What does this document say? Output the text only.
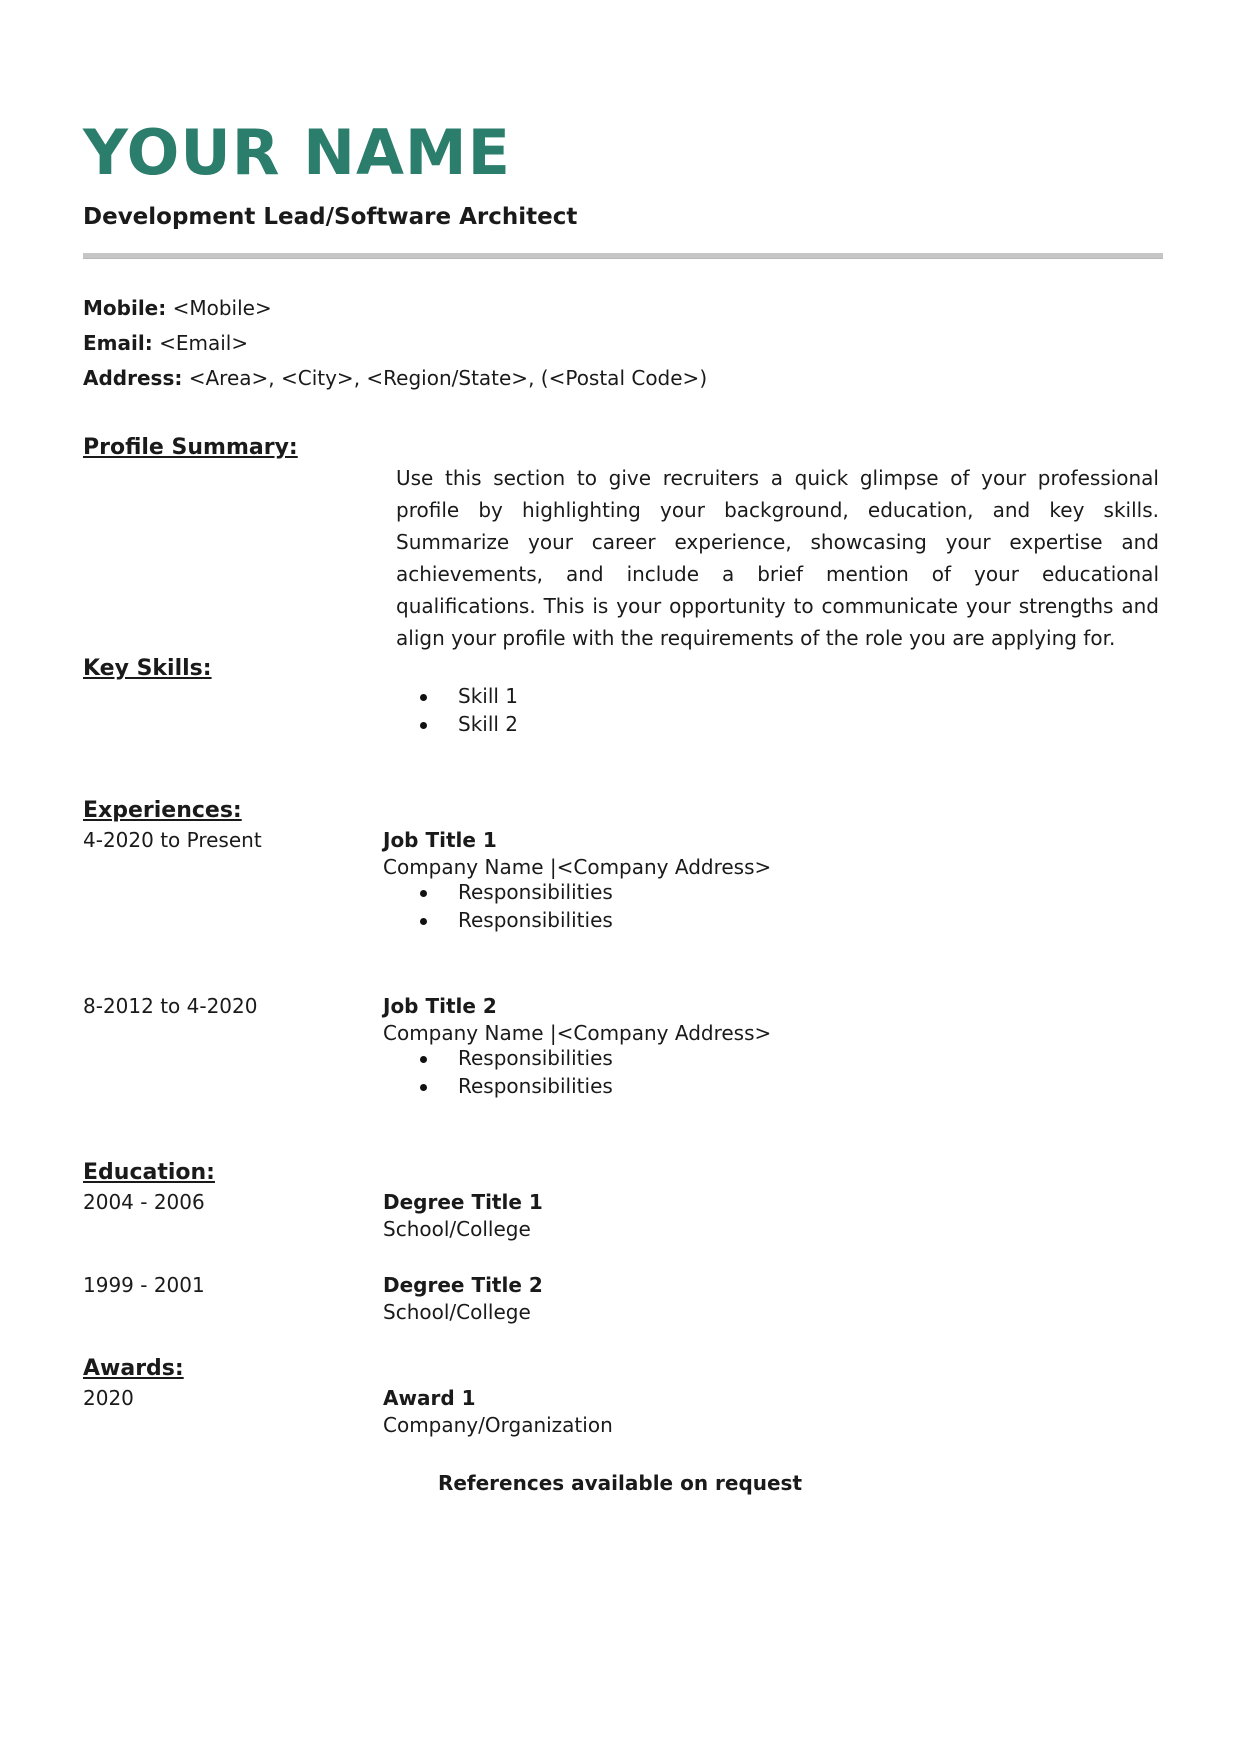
YOUR NAME
Development Lead/Software Architect
Mobile: <Mobile>
Email: <Email>
Address: <Area>, <City>, <Region/State>, (<Postal Code>)
Profile Summary:

Use this section to give recruiters a quick glimpse of your professional profile by highlighting your background, education, and key skills. Summarize your career experience, showcasing your expertise and achievements, and include a brief mention of your educational qualifications. This is your opportunity to communicate your strengths and align your profile with the requirements of the role you are applying for.

Key Skills:
Skill 1
Skill 2
Experiences:
4-2020 to Present	Job Title 1
Company Name |<Company Address>
Responsibilities
Responsibilities
8-2012 to 4-2020	Job Title 2
Company Name |<Company Address>
Responsibilities
Responsibilities
Education:
2004 - 2006	Degree Title 1
School/College
1999 - 2001	Degree Title 2
School/College
Awards:
2020	Award 1
Company/Organization
References available on request
